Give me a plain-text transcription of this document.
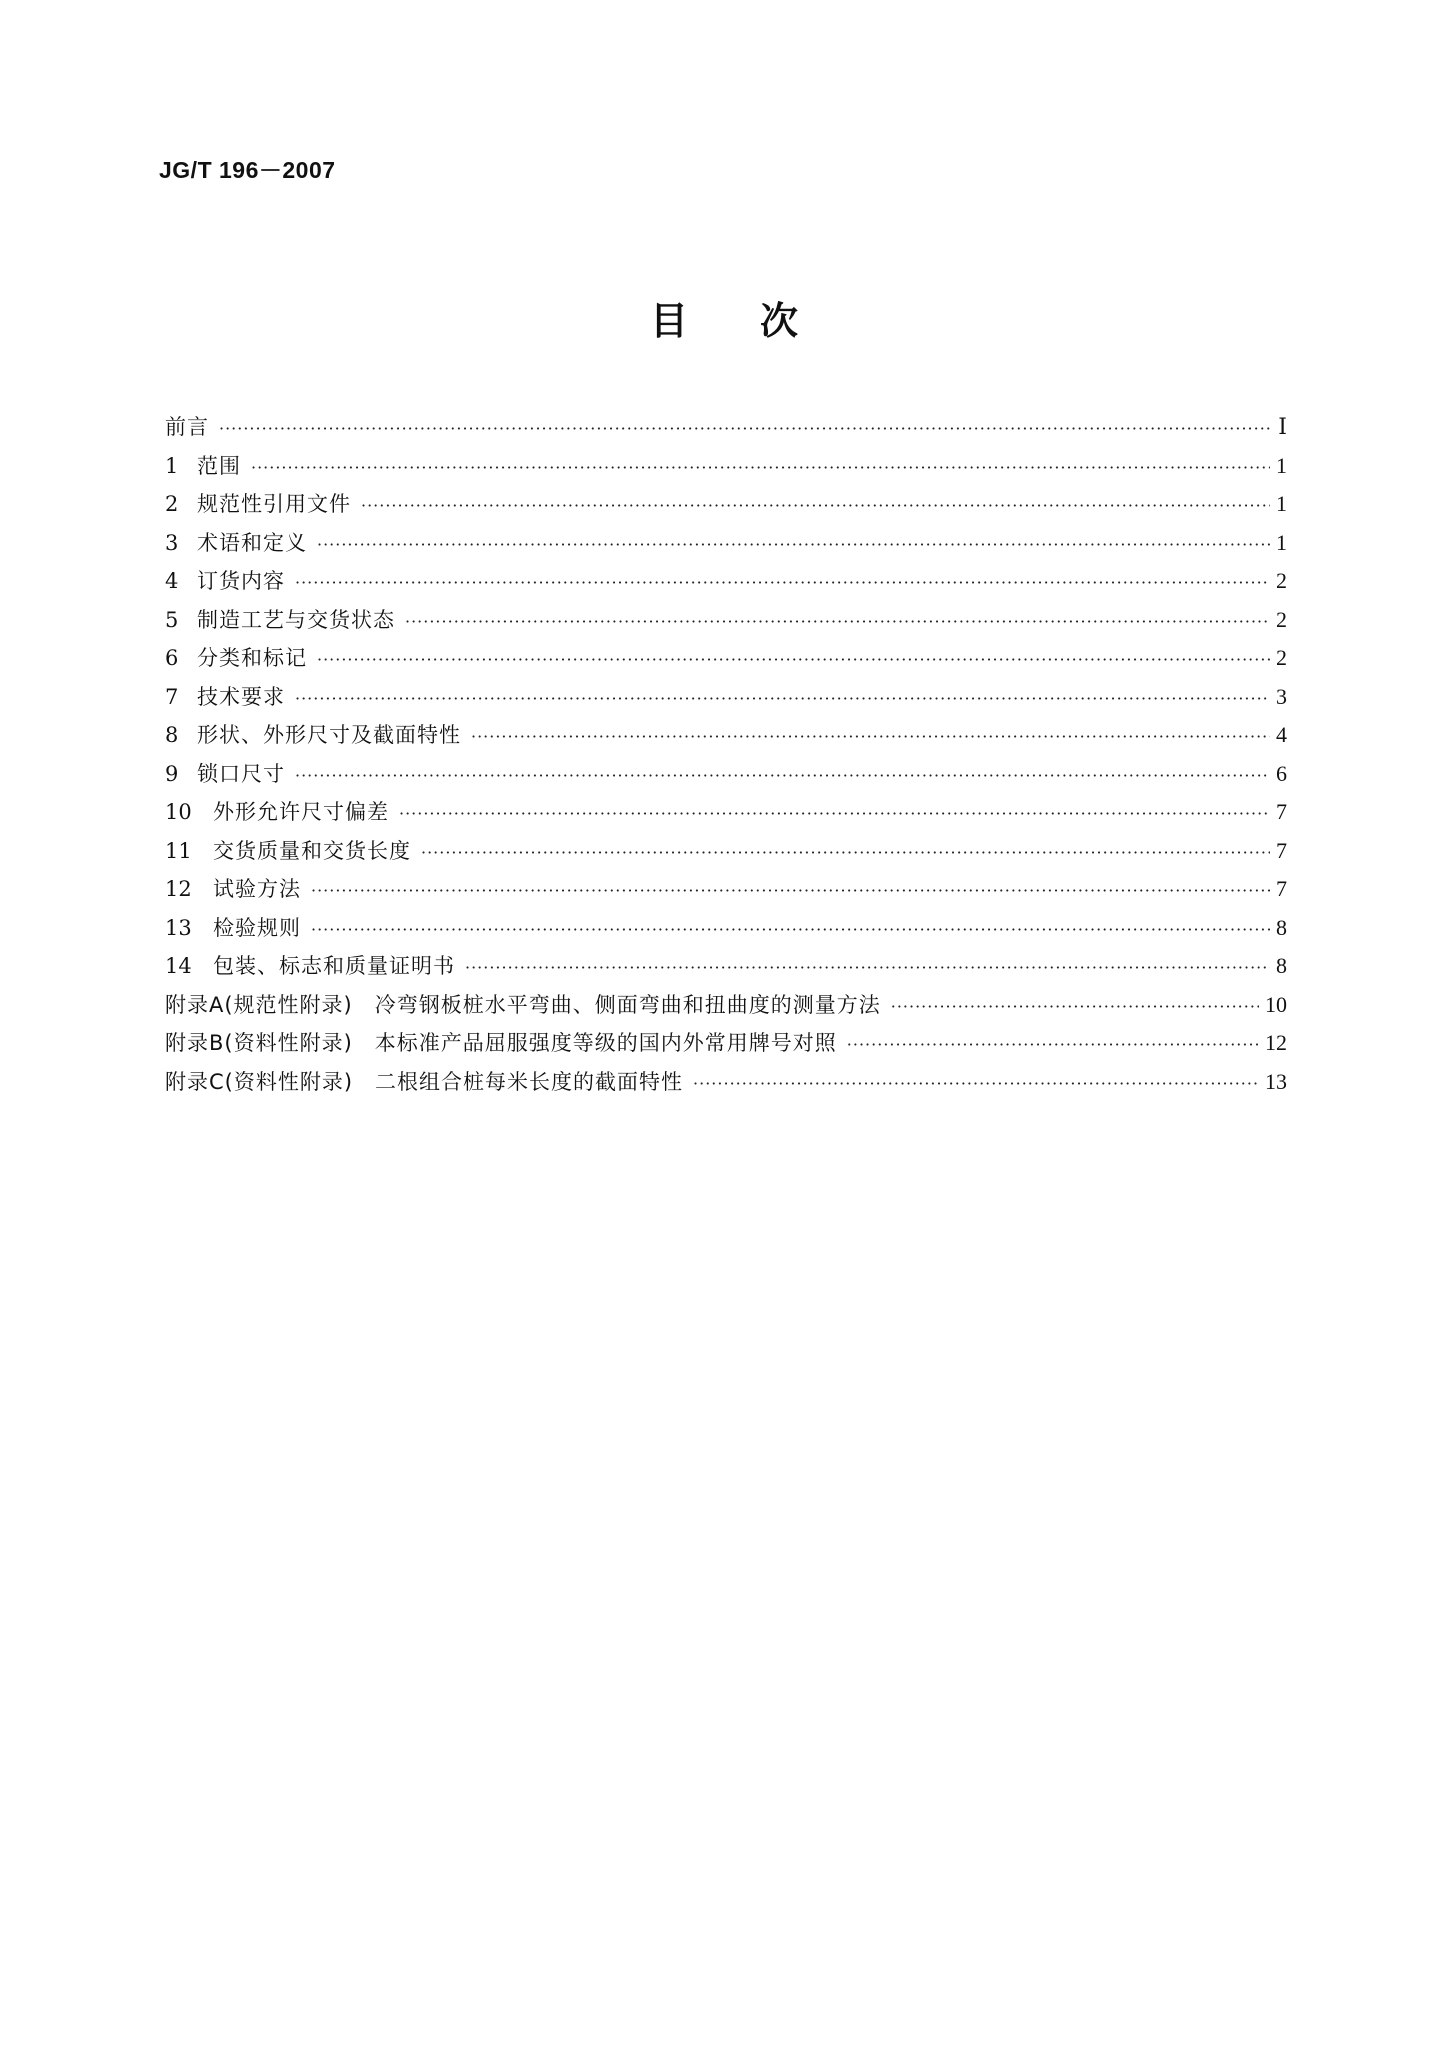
JG/T 196－2007
目次
前言 ·····	Ⅰ
1 范围 ·····	1
2 规范性引用文件 ·····	1
3 术语和定义 ·····	1
4 订货内容 ·····	2
5 制造工艺与交货状态 ·····	2
6 分类和标记 ·····	2
7 技术要求 ·····	3
8 形状、外形尺寸及截面特性 ·····	4
9 锁口尺寸 ·····	6
10	外形允许尺寸偏差 ·····	7
11	交货质量和交货长度 ·····	7
12	试验方法 ·····	7
13	检验规则 ·····	8
14	包装、标志和质量证明书 ·····	8
附录A(规范性附录)　冷弯钢板桩水平弯曲、侧面弯曲和扭曲度的测量方法 ·····	10
附录B(资料性附录)　本标准产品屈服强度等级的国内外常用牌号对照 ·····	12
附录C(资料性附录)　二根组合桩每米长度的截面特性 ·····	13
